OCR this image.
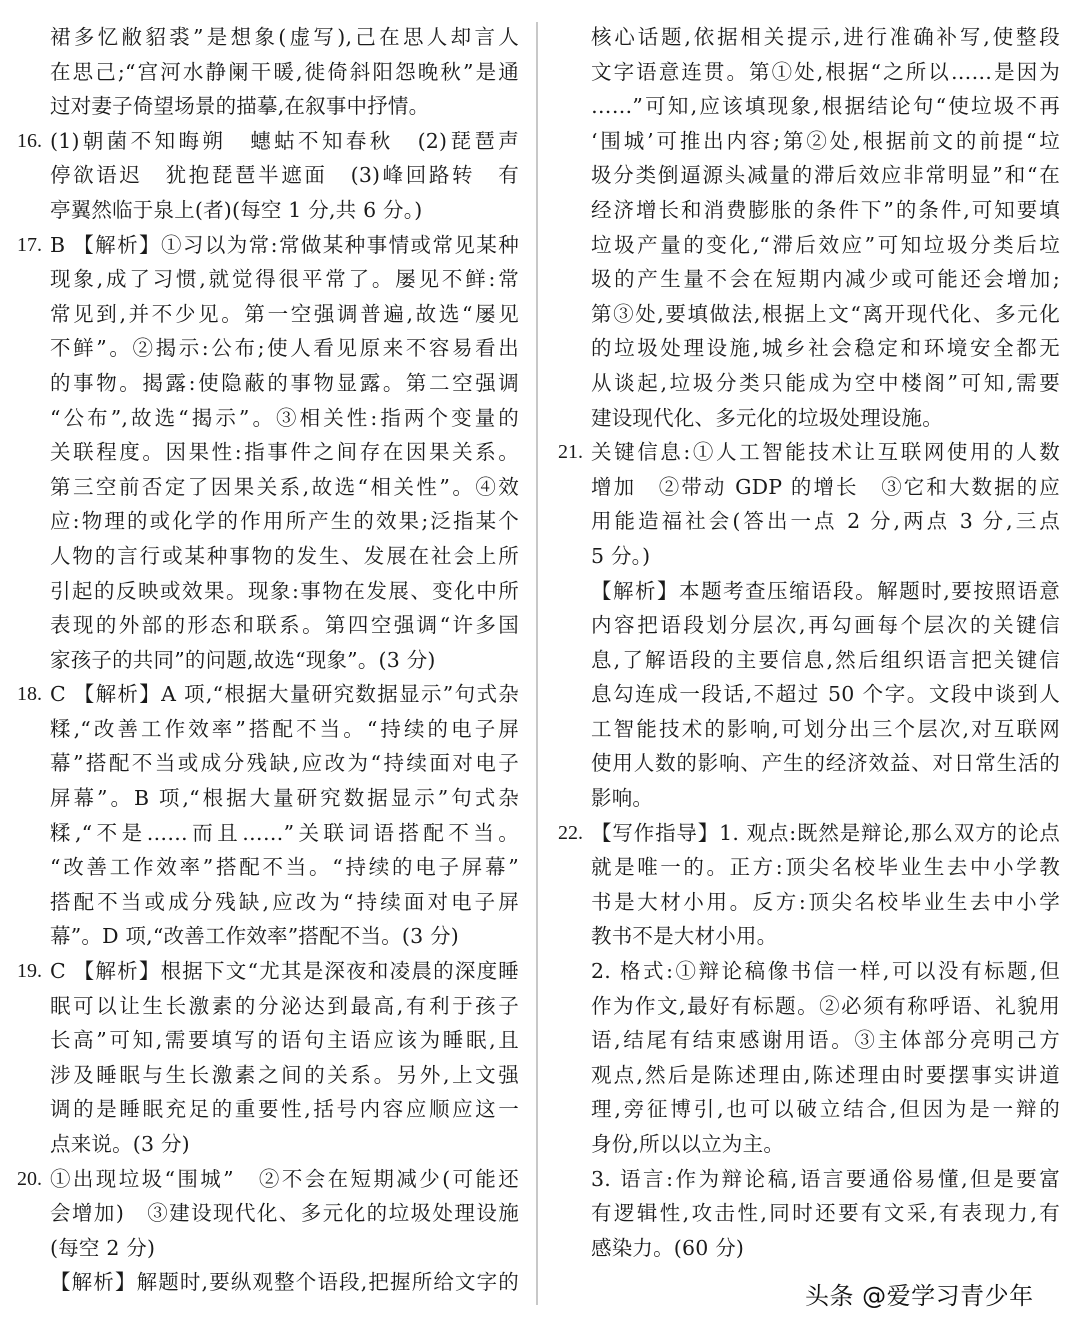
裙多忆敝貂裘”是想象(虚写),己在思人却言人
在思己;“宫河水静阑干暖,徙倚斜阳怨晚秋”是通
过对妻子倚望场景的描摹,在叙事中抒情。
16. (1)朝菌不知晦朔　蟪蛄不知春秋　(2)琵琶声
停欲语迟　犹抱琵琶半遮面　(3)峰回路转　有
亭翼然临于泉上(者)(每空 1 分,共 6 分。)
17. B 【解析】①习以为常:常做某种事情或常见某种
现象,成了习惯,就觉得很平常了。屡见不鲜:常
常见到,并不少见。第一空强调普遍,故选“屡见
不鲜”。②揭示:公布;使人看见原来不容易看出
的事物。揭露:使隐蔽的事物显露。第二空强调
“公布”,故选“揭示”。③相关性:指两个变量的
关联程度。因果性:指事件之间存在因果关系。
第三空前否定了因果关系,故选“相关性”。④效
应:物理的或化学的作用所产生的效果;泛指某个
人物的言行或某种事物的发生、发展在社会上所
引起的反映或效果。现象:事物在发展、变化中所
表现的外部的形态和联系。第四空强调“许多国
家孩子的共同”的问题,故选“现象”。(3 分)
18. C 【解析】A 项,“根据大量研究数据显示”句式杂
糅,“改善工作效率”搭配不当。“持续的电子屏
幕”搭配不当或成分残缺,应改为“持续面对电子
屏幕”。B 项,“根据大量研究数据显示”句式杂
糅,“不是……而且……”关联词语搭配不当。
“改善工作效率”搭配不当。“持续的电子屏幕”
搭配不当或成分残缺,应改为“持续面对电子屏
幕”。D 项,“改善工作效率”搭配不当。(3 分)
19. C 【解析】根据下文“尤其是深夜和凌晨的深度睡
眠可以让生长激素的分泌达到最高,有利于孩子
长高”可知,需要填写的语句主语应该为睡眠,且
涉及睡眠与生长激素之间的关系。另外,上文强
调的是睡眠充足的重要性,括号内容应顺应这一
点来说。(3 分)
20. ①出现垃圾“围城”　②不会在短期减少(可能还
会增加)　③建设现代化、多元化的垃圾处理设施
(每空 2 分)
【解析】解题时,要纵观整个语段,把握所给文字的
核心话题,依据相关提示,进行准确补写,使整段
文字语意连贯。第①处,根据“之所以……是因为
……”可知,应该填现象,根据结论句“使垃圾不再
‘围城’可推出内容;第②处,根据前文的前提“垃
圾分类倒逼源头减量的滞后效应非常明显”和“在
经济增长和消费膨胀的条件下”的条件,可知要填
垃圾产量的变化,“滞后效应”可知垃圾分类后垃
圾的产生量不会在短期内减少或可能还会增加;
第③处,要填做法,根据上文“离开现代化、多元化
的垃圾处理设施,城乡社会稳定和环境安全都无
从谈起,垃圾分类只能成为空中楼阁”可知,需要
建设现代化、多元化的垃圾处理设施。
21. 关键信息:①人工智能技术让互联网使用的人数
增加　②带动 GDP 的增长　③它和大数据的应
用能造福社会(答出一点 2 分,两点 3 分,三点
5 分。)
【解析】本题考查压缩语段。解题时,要按照语意
内容把语段划分层次,再勾画每个层次的关键信
息,了解语段的主要信息,然后组织语言把关键信
息勾连成一段话,不超过 50 个字。文段中谈到人
工智能技术的影响,可划分出三个层次,对互联网
使用人数的影响、产生的经济效益、对日常生活的
影响。
22. 【写作指导】1. 观点:既然是辩论,那么双方的论点
就是唯一的。正方:顶尖名校毕业生去中小学教
书是大材小用。反方:顶尖名校毕业生去中小学
教书不是大材小用。
2. 格式:①辩论稿像书信一样,可以没有标题,但
作为作文,最好有标题。②必须有称呼语、礼貌用
语,结尾有结束感谢用语。③主体部分亮明己方
观点,然后是陈述理由,陈述理由时要摆事实讲道
理,旁征博引,也可以破立结合,但因为是一辩的
身份,所以以立为主。
3. 语言:作为辩论稿,语言要通俗易懂,但是要富
有逻辑性,攻击性,同时还要有文采,有表现力,有
感染力。(60 分)
头条 @爱学习青少年
